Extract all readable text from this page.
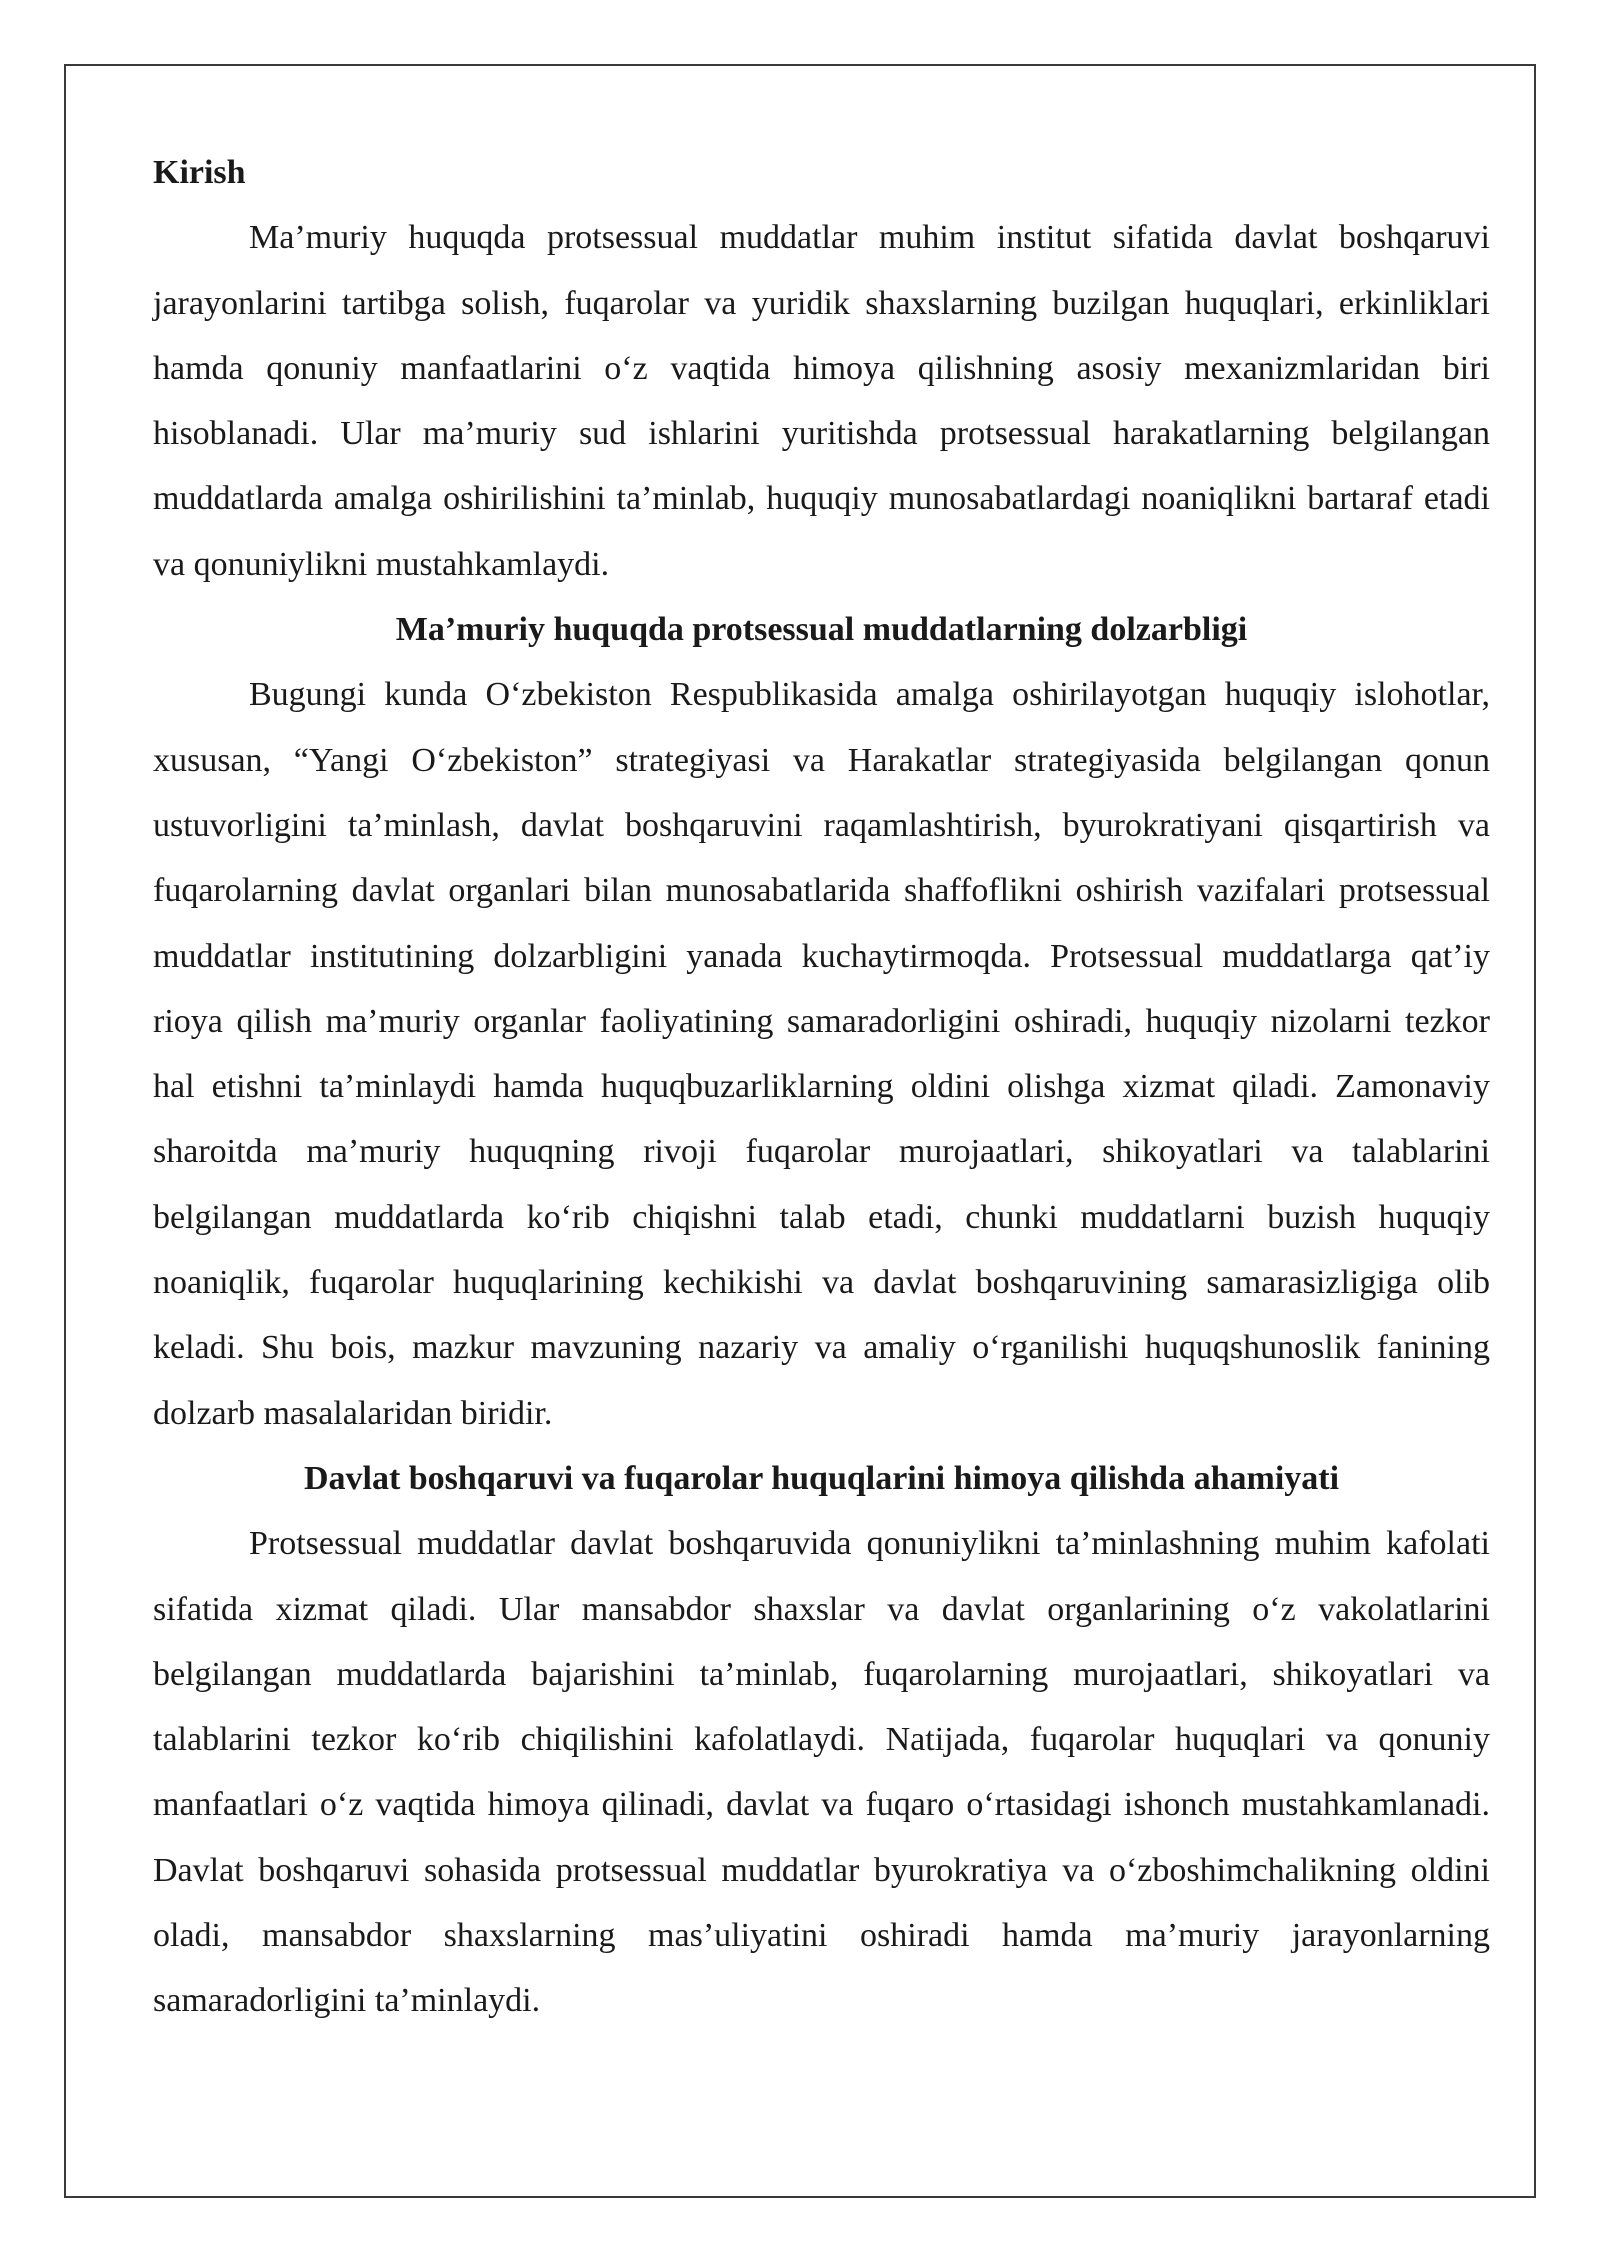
Kirish

Ma’muriy huquqda protsessual muddatlar muhim institut sifatida davlat boshqaruvi jarayonlarini tartibga solish, fuqarolar va yuridik shaxslarning buzilgan huquqlari, erkinliklari hamda qonuniy manfaatlarini o‘z vaqtida himoya qilishning asosiy mexanizmlaridan biri hisoblanadi. Ular ma’muriy sud ishlarini yuritishda protsessual harakatlarning belgilangan muddatlarda amalga oshirilishini ta’minlab, huquqiy munosabatlardagi noaniqlikni bartaraf etadi va qonuniylikni mustahkamlaydi.

Ma’muriy huquqda protsessual muddatlarning dolzarbligi

Bugungi kunda O‘zbekiston Respublikasida amalga oshirilayotgan huquqiy islohotlar, xususan, “Yangi O‘zbekiston” strategiyasi va Harakatlar strategiyasida belgilangan qonun ustuvorligini ta’minlash, davlat boshqaruvini raqamlashtirish, byurokratiyani qisqartirish va fuqarolarning davlat organlari bilan munosabatlarida shaffoflikni oshirish vazifalari protsessual muddatlar institutining dolzarbligini yanada kuchaytirmoqda. Protsessual muddatlarga qat’iy rioya qilish ma’muriy organlar faoliyatining samaradorligini oshiradi, huquqiy nizolarni tezkor hal etishni ta’minlaydi hamda huquqbuzarliklarning oldini olishga xizmat qiladi. Zamonaviy sharoitda ma’muriy huquqning rivoji fuqarolar murojaatlari, shikoyatlari va talablarini belgilangan muddatlarda ko‘rib chiqishni talab etadi, chunki muddatlarni buzish huquqiy noaniqlik, fuqarolar huquqlarining kechikishi va davlat boshqaruvining samarasizligiga olib keladi. Shu bois, mazkur mavzuning nazariy va amaliy o‘rganilishi huquqshunoslik fanining dolzarb masalalaridan biridir.

Davlat boshqaruvi va fuqarolar huquqlarini himoya qilishda ahamiyati

Protsessual muddatlar davlat boshqaruvida qonuniylikni ta’minlashning muhim kafolati sifatida xizmat qiladi. Ular mansabdor shaxslar va davlat organlarining o‘z vakolatlarini belgilangan muddatlarda bajarishini ta’minlab, fuqarolarning murojaatlari, shikoyatlari va talablarini tezkor ko‘rib chiqilishini kafolatlaydi. Natijada, fuqarolar huquqlari va qonuniy manfaatlari o‘z vaqtida himoya qilinadi, davlat va fuqaro o‘rtasidagi ishonch mustahkamlanadi. Davlat boshqaruvi sohasida protsessual muddatlar byurokratiya va o‘zboshimchalikning oldini oladi, mansabdor shaxslarning mas’uliyatini oshiradi hamda ma’muriy jarayonlarning samaradorligini ta’minlaydi.
